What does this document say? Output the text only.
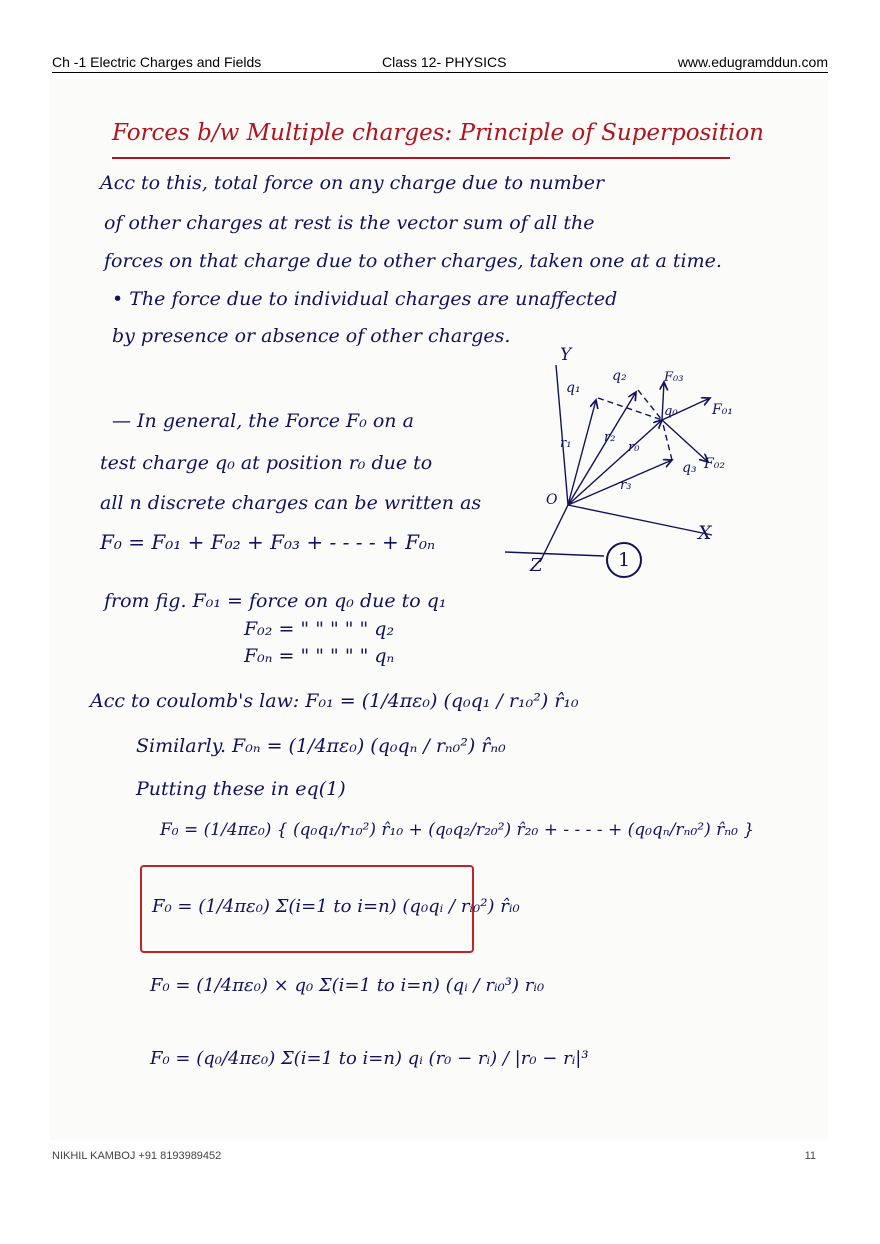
Ch -1 Electric Charges and Fields	Class 12- PHYSICS	www.edugramddun.com
Forces b/w Multiple charges: Principle of Superposition
Acc to this, total force on any charge due to number
of other charges at rest is the vector sum of all the
forces on that charge due to other charges, taken one at a time.
• The force due to individual charges are unaffected
by presence or absence of other charges.
— In general, the Force F₀ on a
test charge q₀ at position r₀ due to
all n discrete charges can be written as
F₀ = F₀₁ + F₀₂ + F₀₃ + - - - - + F₀ₙ
1
from fig. F₀₁ = force on q₀ due to q₁
F₀₂ = " " " " " q₂
F₀ₙ = " " " " " qₙ
Acc to coulomb's law: F₀₁ = (1/4πε₀) (q₀q₁ / r₁₀²) r̂₁₀
Similarly. F₀ₙ = (1/4πε₀) (q₀qₙ / rₙ₀²) r̂ₙ₀
Putting these in eq(1)
F₀ = (1/4πε₀) { (q₀q₁/r₁₀²) r̂₁₀ + (q₀q₂/r₂₀²) r̂₂₀ + - - - - + (q₀qₙ/rₙ₀²) r̂ₙ₀ }
F₀ = (1/4πε₀) Σ(i=1 to i=n) (q₀qᵢ / rᵢ₀²) r̂ᵢ₀
F₀ = (1/4πε₀) × q₀ Σ(i=1 to i=n) (qᵢ / rᵢ₀³) rᵢ₀
F₀ = (q₀/4πε₀) Σ(i=1 to i=n) qᵢ (r₀ − rᵢ) / |r₀ − rᵢ|³
Y
X
Z
O
q₁
q₂
q₀
q₃
F₀₃
F₀₁
F₀₂
r₁	r₂
r₀
r₃
NIKHIL KAMBOJ +91 8193989452	11
